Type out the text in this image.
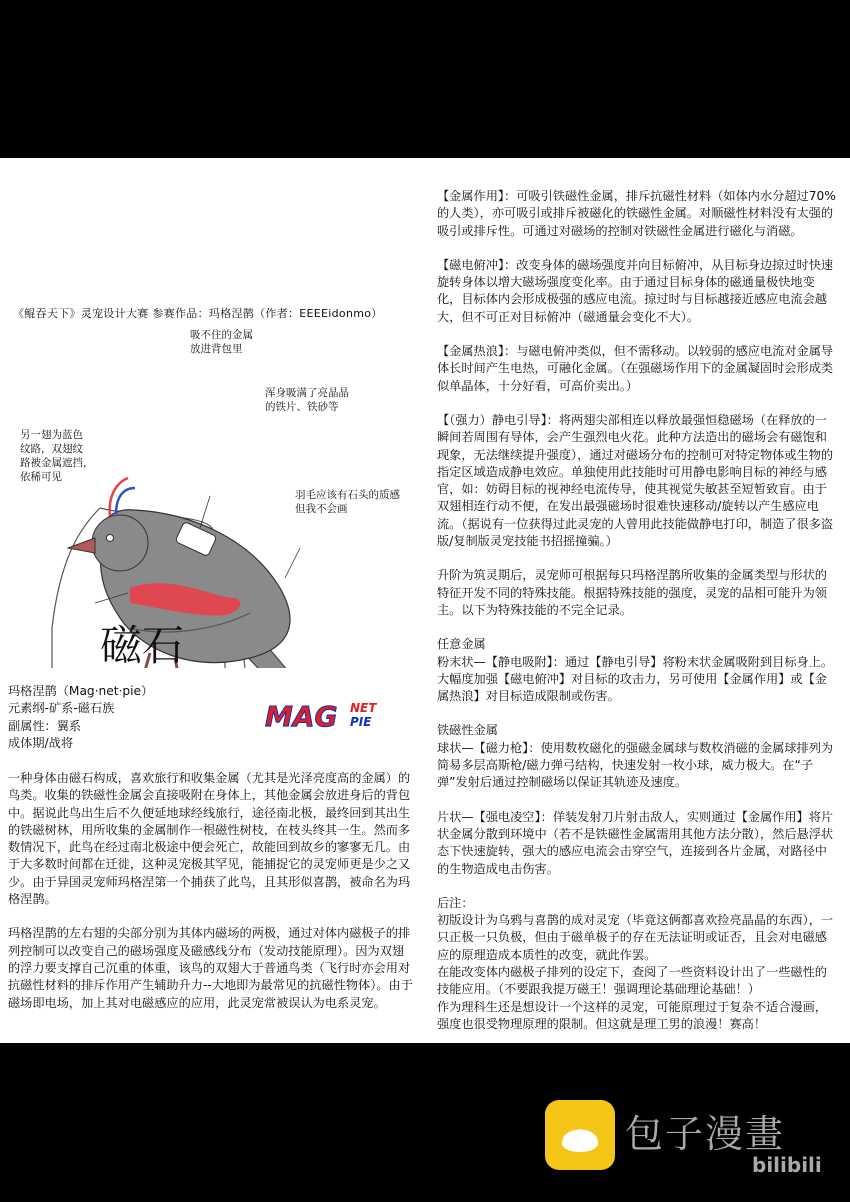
《鲲吞天下》灵宠设计大赛 参赛作品：玛格涅鹊（作者：EEEEidonmo）
吸不住的金属
放进背包里
浑身吸满了亮晶晶
的铁片、铁砂等
另一翅为蓝色
纹路，双翅纹
路被金属遮挡，
依稀可见
羽毛应该有石头的质感
但我不会画
磁石
玛格涅鹊（Mag·net·pie）
元素纲-矿系-磁石族
副属性：翼系
成体期/战将
MAG NET
PIE

一种身体由磁石构成，喜欢旅行和收集金属（尤其是光泽亮度高的金属）的鸟类。收集的铁磁性金属会直接吸附在身体上，其他金属会放进身后的背包中。据说此鸟出生后不久便延地球经线旅行，途径南北极，最终回到其出生的铁磁树林，用所收集的金属制作一根磁性树枝，在枝头终其一生。然而多数情况下，此鸟在经过南北极途中便会死亡，故能回到故乡的寥寥无几。由于大多数时间都在迁徙，这种灵宠极其罕见，能捕捉它的灵宠师更是少之又少。由于异国灵宠师玛格涅第一个捕获了此鸟，且其形似喜鹊，被命名为玛格涅鹊。

玛格涅鹊的左右翅的尖部分别为其体内磁场的两极，通过对体内磁极子的排列控制可以改变自己的磁场强度及磁感线分布（发动技能原理）。因为双翅的浮力要支撑自己沉重的体重，该鸟的双翅大于普通鸟类（飞行时亦会用对抗磁性材料的排斥作用产生辅助升力--大地即为最常见的抗磁性物体）。由于磁场即电场，加上其对电磁感应的应用，此灵宠常被误认为电系灵宠。

【金属作用】：可吸引铁磁性金属，排斥抗磁性材料（如体内水分超过70%的人类），亦可吸引或排斥被磁化的铁磁性金属。对顺磁性材料没有太强的吸引或排斥性。可通过对磁场的控制对铁磁性金属进行磁化与消磁。

【磁电俯冲】：改变身体的磁场强度并向目标俯冲，从目标身边掠过时快速旋转身体以增大磁场强度变化率。由于通过目标身体的磁通量极快地变化，目标体内会形成极强的感应电流。掠过时与目标越接近感应电流会越大，但不可正对目标俯冲（磁通量会变化不大）。

【金属热浪】：与磁电俯冲类似，但不需移动。以较弱的感应电流对金属导体长时间产生电热，可融化金属。（在强磁场作用下的金属凝固时会形成类似单晶体，十分好看，可高价卖出。）

【（强力）静电引导】：将两翅尖部相连以释放最强恒稳磁场（在释放的一瞬间若周围有导体，会产生强烈电火花。此种方法造出的磁场会有磁饱和现象，无法继续提升强度），通过对磁场分布的控制可对特定物体或生物的指定区域造成静电效应。单独使用此技能时可用静电影响目标的神经与感官，如：妨碍目标的视神经电流传导，使其视觉失敏甚至短暂致盲。由于双翅相连行动不便，在发出最强磁场时很难快速移动/旋转以产生感应电流。（据说有一位获得过此灵宠的人曾用此技能做静电打印，制造了很多盗版/复制版灵宠技能书招摇撞骗。）

升阶为筑灵期后，灵宠师可根据每只玛格涅鹊所收集的金属类型与形状的特征开发不同的特殊技能。根据特殊技能的强度，灵宠的品相可能升为领主。以下为特殊技能的不完全记录。

任意金属
粉末状—【静电吸附】：通过【静电引导】将粉末状金属吸附到目标身上。大幅度加强【磁电俯冲】对目标的攻击力，另可使用【金属作用】或【金属热浪】对目标造成限制或伤害。

铁磁性金属
球状—【磁力枪】：使用数枚磁化的强磁金属球与数枚消磁的金属球排列为简易多层高斯枪/磁力弹弓结构，快速发射一枚小球，威力极大。在“子弹”发射后通过控制磁场以保证其轨迹及速度。

片状—【强电凌空】：佯装发射刀片射击敌人，实则通过【金属作用】将片状金属分散到环境中（若不是铁磁性金属需用其他方法分散），然后悬浮状态下快速旋转，强大的感应电流会击穿空气，连接到各片金属，对路径中的生物造成电击伤害。

后注：
初版设计为乌鸦与喜鹊的成对灵宠（毕竟这俩都喜欢捡亮晶晶的东西），一只正极一只负极，但由于磁单极子的存在无法证明或证否，且会对电磁感应的原理造成本质性的改变，就此作罢。
在能改变体内磁极子排列的设定下，查阅了一些资料设计出了一些磁性的技能应用。（不要跟我提万磁王！强调理论基础理论基础！）
作为理科生还是想设计一个这样的灵宠，可能原理过于复杂不适合漫画，强度也很受物理原理的限制。但这就是理工男的浪漫！赛高！

包子漫畫
bilibili
